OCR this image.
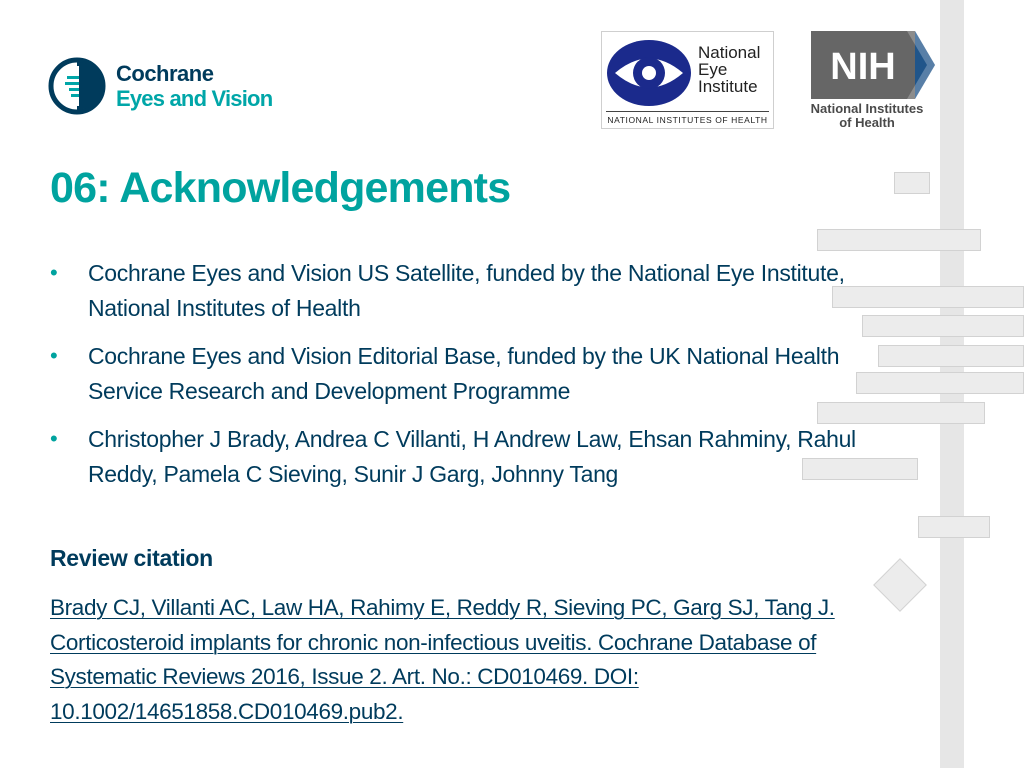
Cochrane
Eyes and Vision
National
Eye
Institute
NATIONAL INSTITUTES OF HEALTH
NIH
National Institutes
of Health
06: Acknowledgements
• Cochrane Eyes and Vision US Satellite, funded by the National Eye Institute, National Institutes of Health
• Cochrane Eyes and Vision Editorial Base, funded by the UK National Health Service Research and Development Programme
• Christopher J Brady, Andrea C Villanti, H Andrew Law, Ehsan Rahminy, Rahul Reddy, Pamela C Sieving, Sunir J Garg, Johnny Tang
Review citation
Brady CJ, Villanti AC, Law HA, Rahimy E, Reddy R, Sieving PC, Garg SJ, Tang J. Corticosteroid implants for chronic non-infectious uveitis. Cochrane Database of Systematic Reviews 2016, Issue 2. Art. No.: CD010469. DOI: 10.1002/14651858.CD010469.pub2.
